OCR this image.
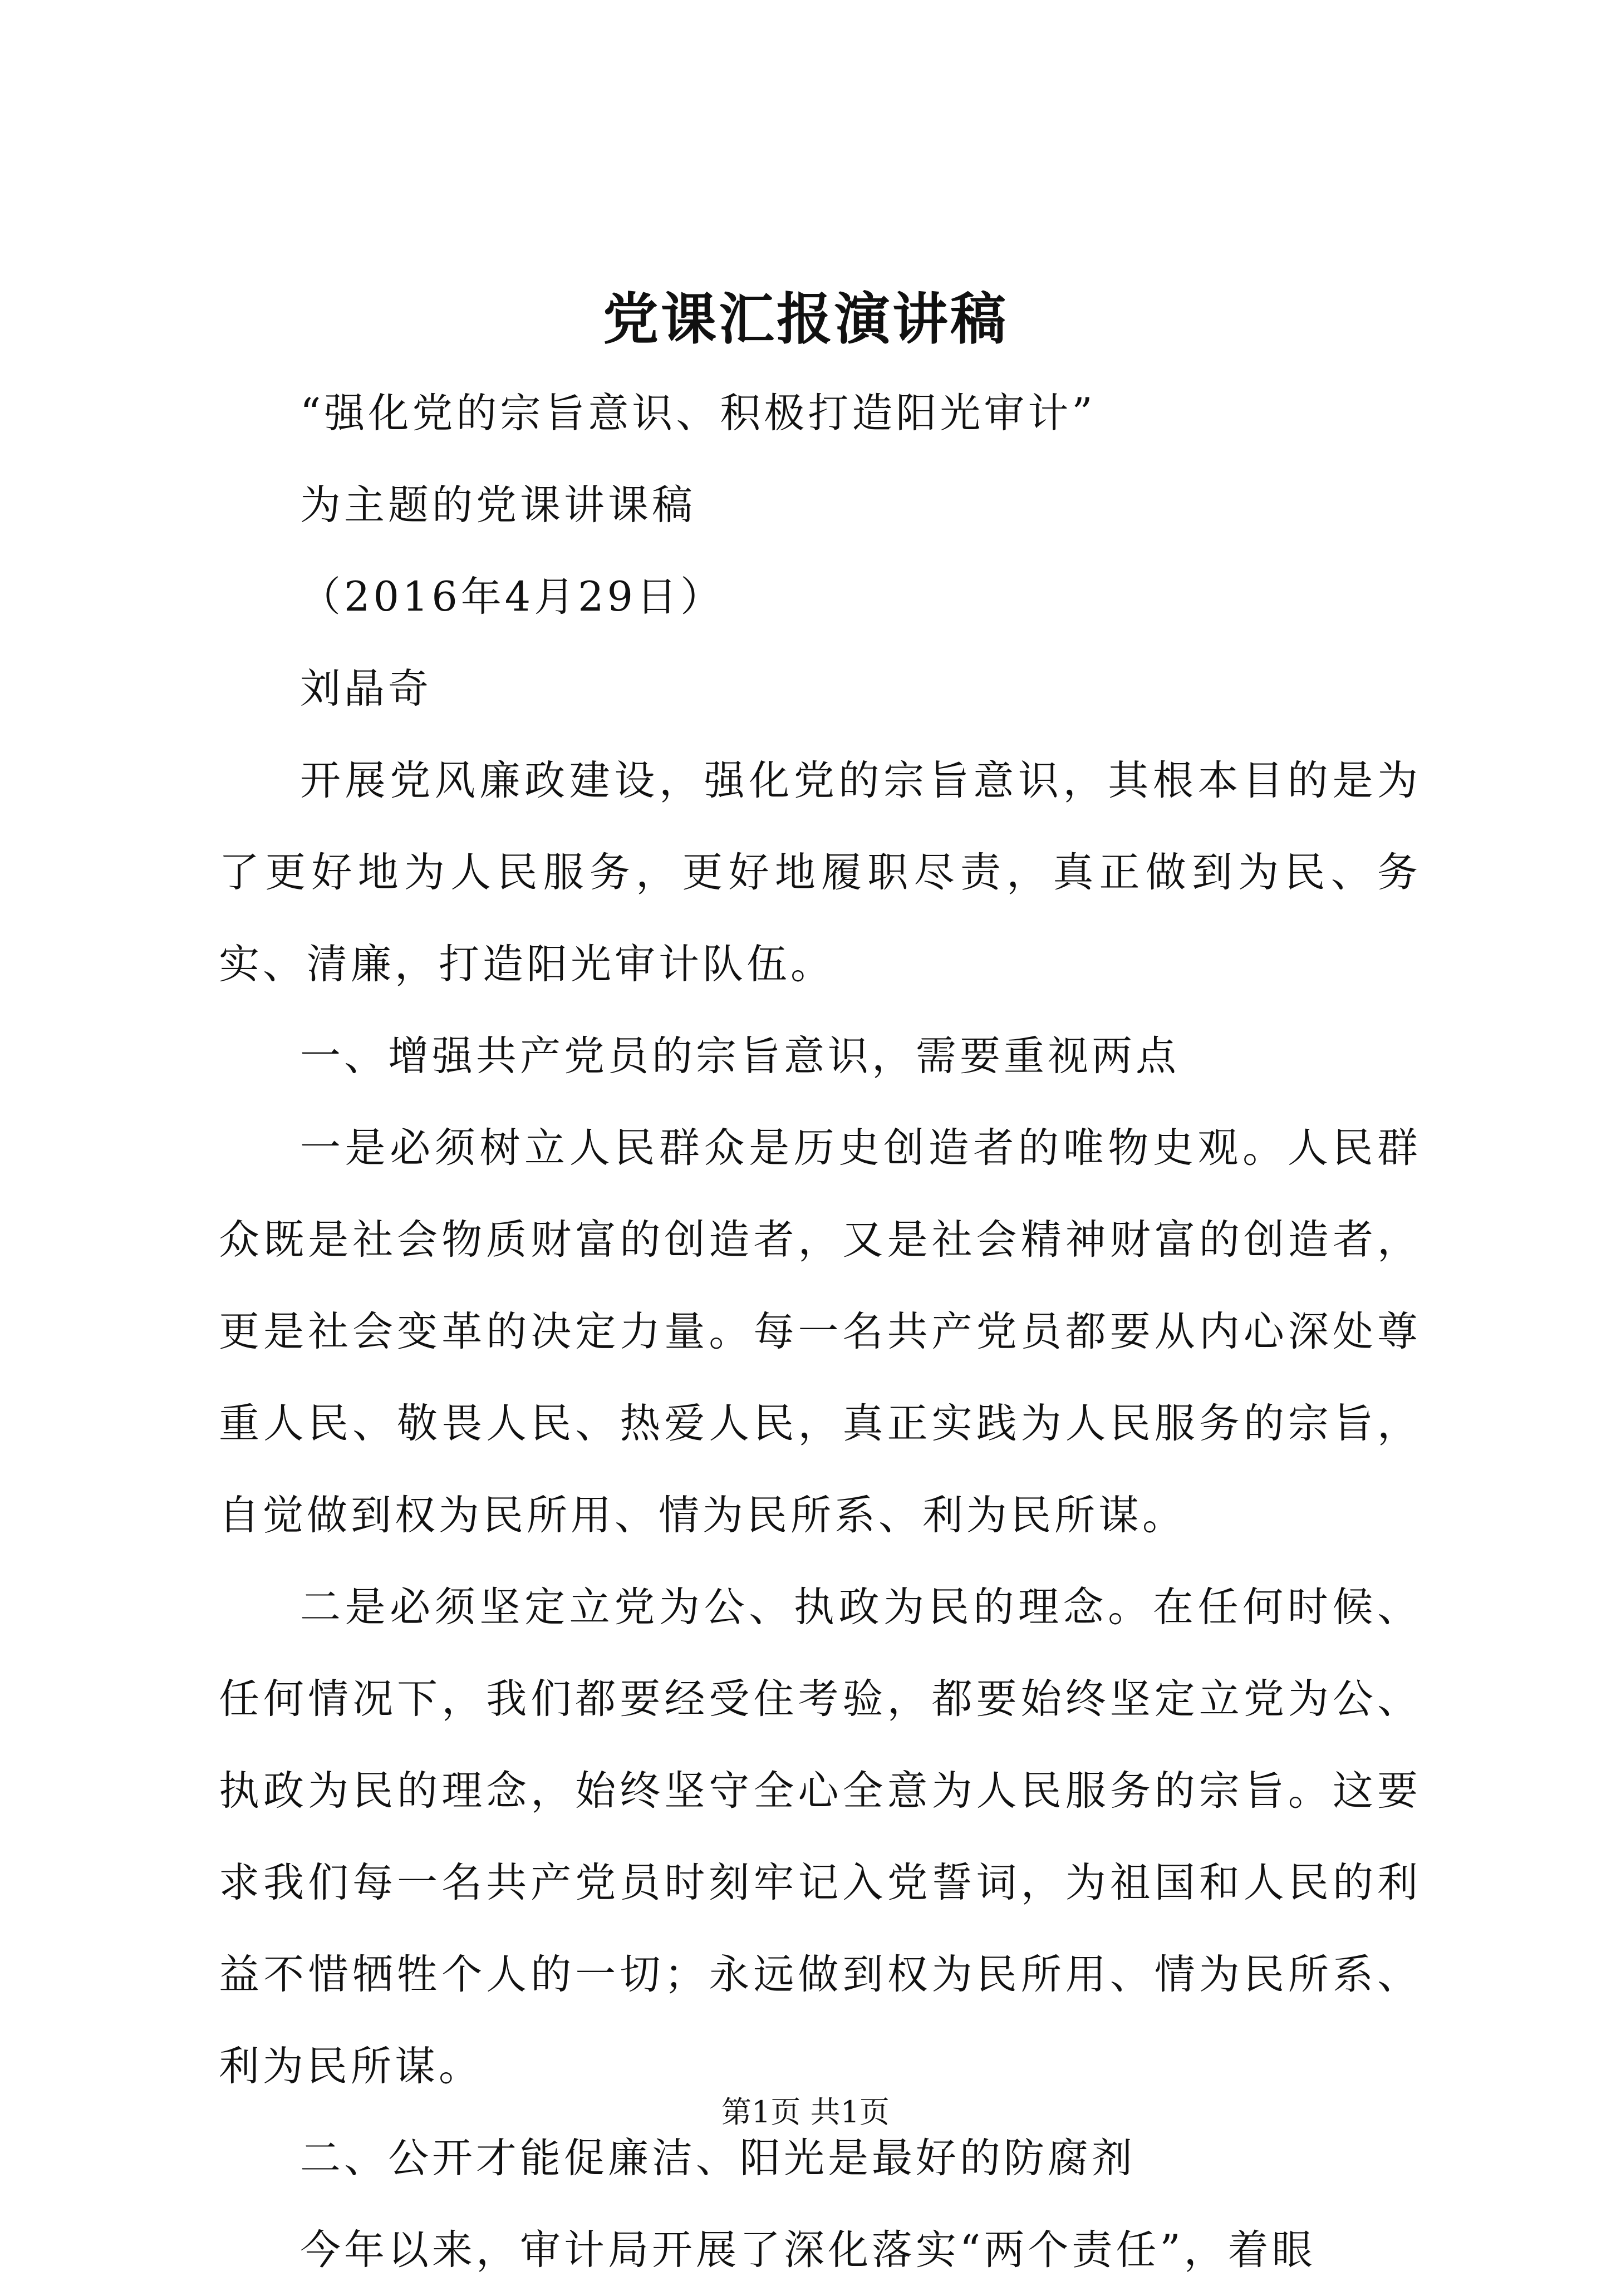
党课汇报演讲稿

“强化党的宗旨意识、积极打造阳光审计”

为主题的党课讲课稿

（2016年4月29日）

刘晶奇

开展党风廉政建设，强化党的宗旨意识，其根本目的是为了更好地为人民服务，更好地履职尽责，真正做到为民、务实、清廉，打造阳光审计队伍。

一、增强共产党员的宗旨意识，需要重视两点

一是必须树立人民群众是历史创造者的唯物史观。人民群众既是社会物质财富的创造者，又是社会精神财富的创造者，更是社会变革的决定力量。每一名共产党员都要从内心深处尊重人民、敬畏人民、热爱人民，真正实践为人民服务的宗旨，自觉做到权为民所用、情为民所系、利为民所谋。

二是必须坚定立党为公、执政为民的理念。在任何时候、任何情况下，我们都要经受住考验，都要始终坚定立党为公、执政为民的理念，始终坚守全心全意为人民服务的宗旨。这要求我们每一名共产党员时刻牢记入党誓词，为祖国和人民的利益不惜牺牲个人的一切；永远做到权为民所用、情为民所系、利为民所谋。

二、公开才能促廉洁、阳光是最好的防腐剂

今年以来，审计局开展了深化落实“两个责任”，着眼

第1页 共1页
